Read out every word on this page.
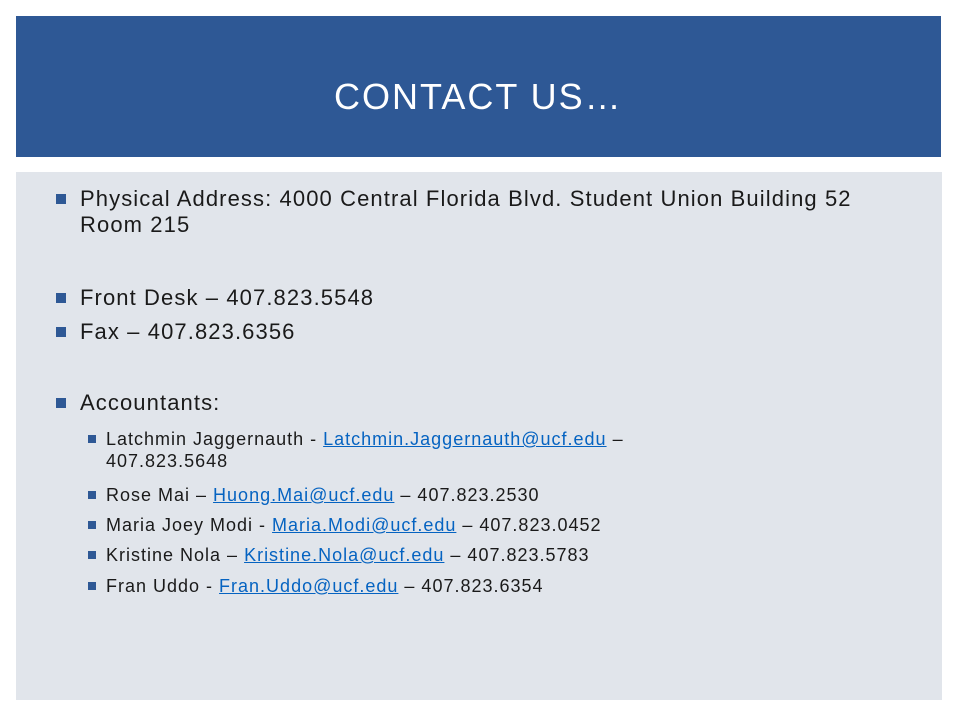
CONTACT US…
Physical Address: 4000 Central Florida Blvd. Student Union Building 52 Room 215
Front Desk – 407.823.5548
Fax – 407.823.6356
Accountants:
Latchmin Jaggernauth - Latchmin.Jaggernauth@ucf.edu –
407.823.5648
Rose Mai – Huong.Mai@ucf.edu – 407.823.2530
Maria Joey Modi - Maria.Modi@ucf.edu – 407.823.0452
Kristine Nola – Kristine.Nola@ucf.edu – 407.823.5783
Fran Uddo - Fran.Uddo@ucf.edu – 407.823.6354
